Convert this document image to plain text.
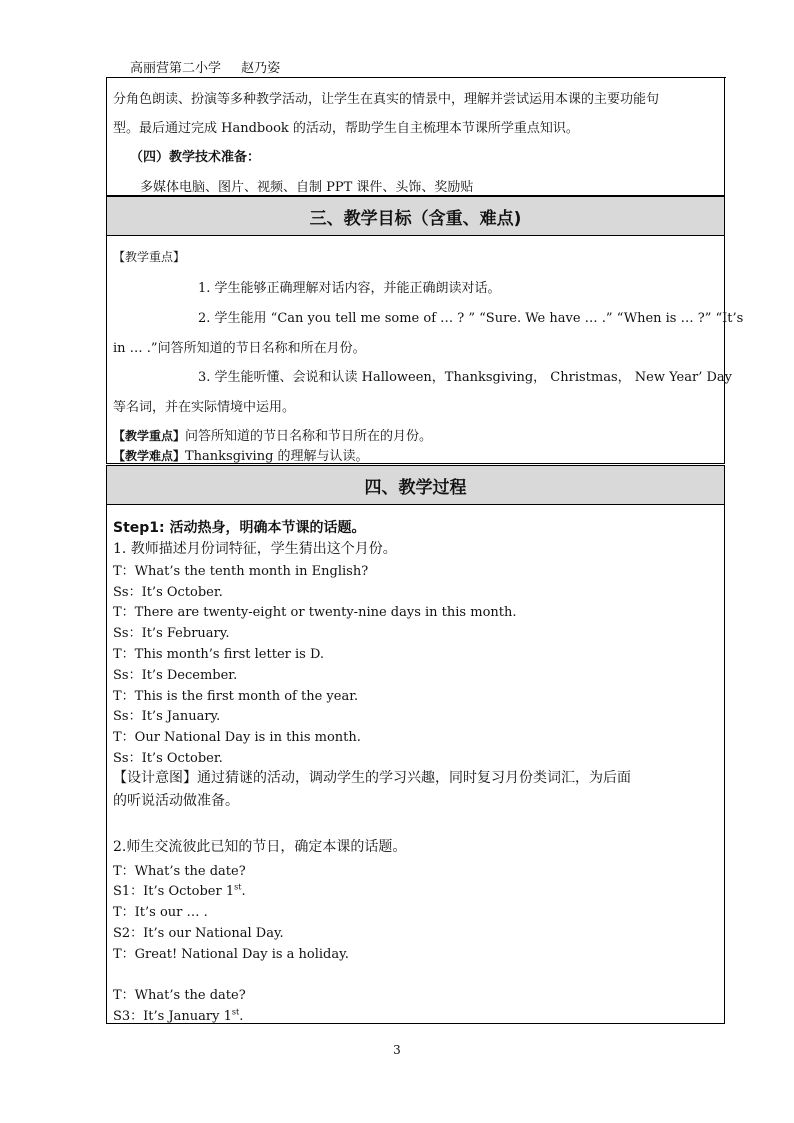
高丽营第二小学 赵乃姿
分角色朗读、扮演等多种教学活动，让学生在真实的情景中，理解并尝试运用本课的主要功能句
型。最后通过完成 Handbook 的活动，帮助学生自主梳理本节课所学重点知识。
（四）教学技术准备：
多媒体电脑、图片、视频、自制 PPT 课件、头饰、奖励贴
三、教学目标（含重、难点)
【教学重点】
1. 学生能够正确理解对话内容，并能正确朗读对话。
2. 学生能用 “Can you tell me some of … ? ” “Sure. We have … .” “When is … ?” “It’s
in … .”问答所知道的节日名称和所在月份。
3. 学生能听懂、会说和认读 Halloween，Thanksgiving， Christmas， New Year’ Day
等名词，并在实际情境中运用。
【教学重点】问答所知道的节日名称和节日所在的月份。
【教学难点】Thanksgiving 的理解与认读。
四、教学过程
Step1: 活动热身，明确本节课的话题。
1. 教师描述月份词特征，学生猜出这个月份。
T：What’s the tenth month in English?
Ss：It’s October.
T：There are twenty-eight or twenty-nine days in this month.
Ss：It’s February.
T：This month’s first letter is D.
Ss：It’s December.
T：This is the first month of the year.
Ss：It’s January.
T：Our National Day is in this month.
Ss：It’s October.
【设计意图】通过猜谜的活动，调动学生的学习兴趣，同时复习月份类词汇，为后面
的听说活动做准备。
2.师生交流彼此已知的节日，确定本课的话题。
T：What’s the date?
S1：It’s October 1st.
T：It’s our … .
S2：It’s our National Day.
T：Great! National Day is a holiday.
T：What’s the date?
S3：It’s January 1st.
3
